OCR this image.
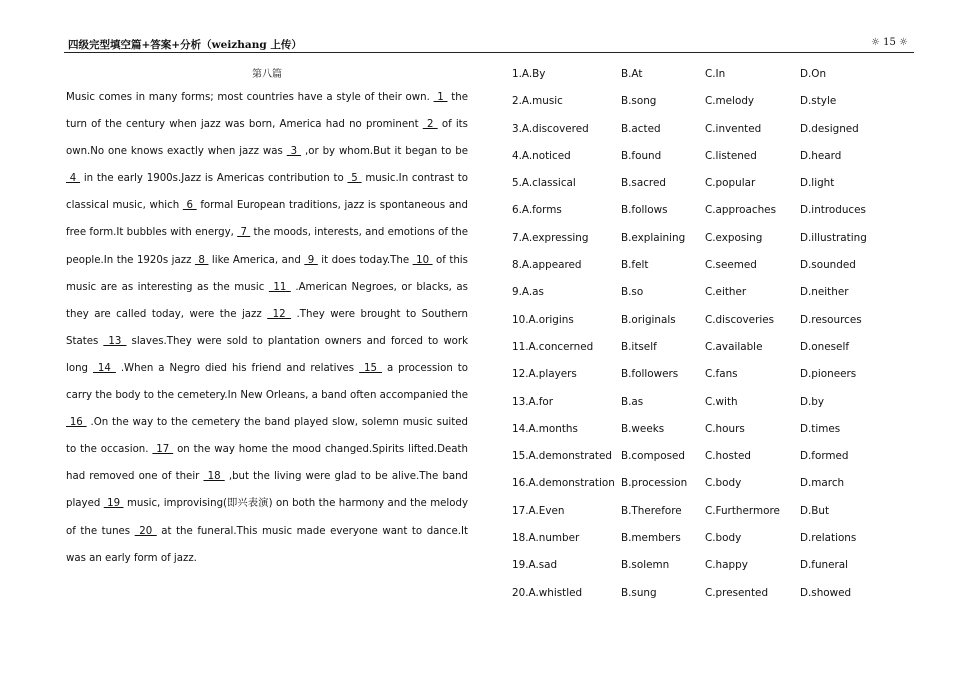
四级完型填空篇+答案+分析（weizhang 上传）	☼ 15 ☼
第八篇
Music comes in many forms; most countries have a style of their own.  1  the turn of the century when jazz was born, America had no prominent  2  of its own.No one knows exactly when jazz was  3  ,or by whom.But it began to be  4  in the early 1900s.Jazz is Americas contribution to  5  music.In contrast to classical music, which  6  formal European traditions, jazz is spontaneous and free form.It bubbles with energy,  7  the moods, interests, and emotions of the people.In the 1920s jazz  8  like America, and  9  it does today.The  10  of this music are as interesting as the music  11  .American Negroes, or blacks, as they are called today, were the jazz  12  .They were brought to Southern States  13  slaves.They were sold to plantation owners and forced to work long  14  .When a Negro died his friend and relatives  15  a procession to carry the body to the cemetery.In New Orleans, a band often accompanied the  16  .On the way to the cemetery the band played slow, solemn music suited to the occasion.  17  on the way home the mood changed.Spirits lifted.Death had removed one of their  18  ,but the living were glad to be alive.The band played  19  music, improvising(即兴表演) on both the harmony and the melody of the tunes  20  at the funeral.This music made everyone want to dance.It was an early form of jazz.
1.A.By	B.At	C.In	D.On
2.A.music	B.song	C.melody	D.style
3.A.discovered	B.acted	C.invented	D.designed
4.A.noticed	B.found	C.listened	D.heard
5.A.classical	B.sacred	C.popular	D.light
6.A.forms	B.follows	C.approaches D.introduces
7.A.expressing	B.explaining C.exposing	D.illustrating
8.A.appeared	B.felt	C.seemed	D.sounded
9.A.as	B.so	C.either	D.neither
10.A.origins	B.originals	C.discoveries D.resources
11.A.concerned	B.itself	C.available	D.oneself
12.A.players	B.followers	C.fans	D.pioneers
13.A.for	B.as	C.with	D.by
14.A.months	B.weeks	C.hours	D.times
15.A.demonstrated B.composed C.hosted	D.formed
16.A.demonstration B.procession C.body	D.march
17.A.Even	B.Therefore C.Furthermore D.But
18.A.number	B.members C.body	D.relations
19.A.sad	B.solemn	C.happy	D.funeral
20.A.whistled	B.sung	C.presented	D.showed
